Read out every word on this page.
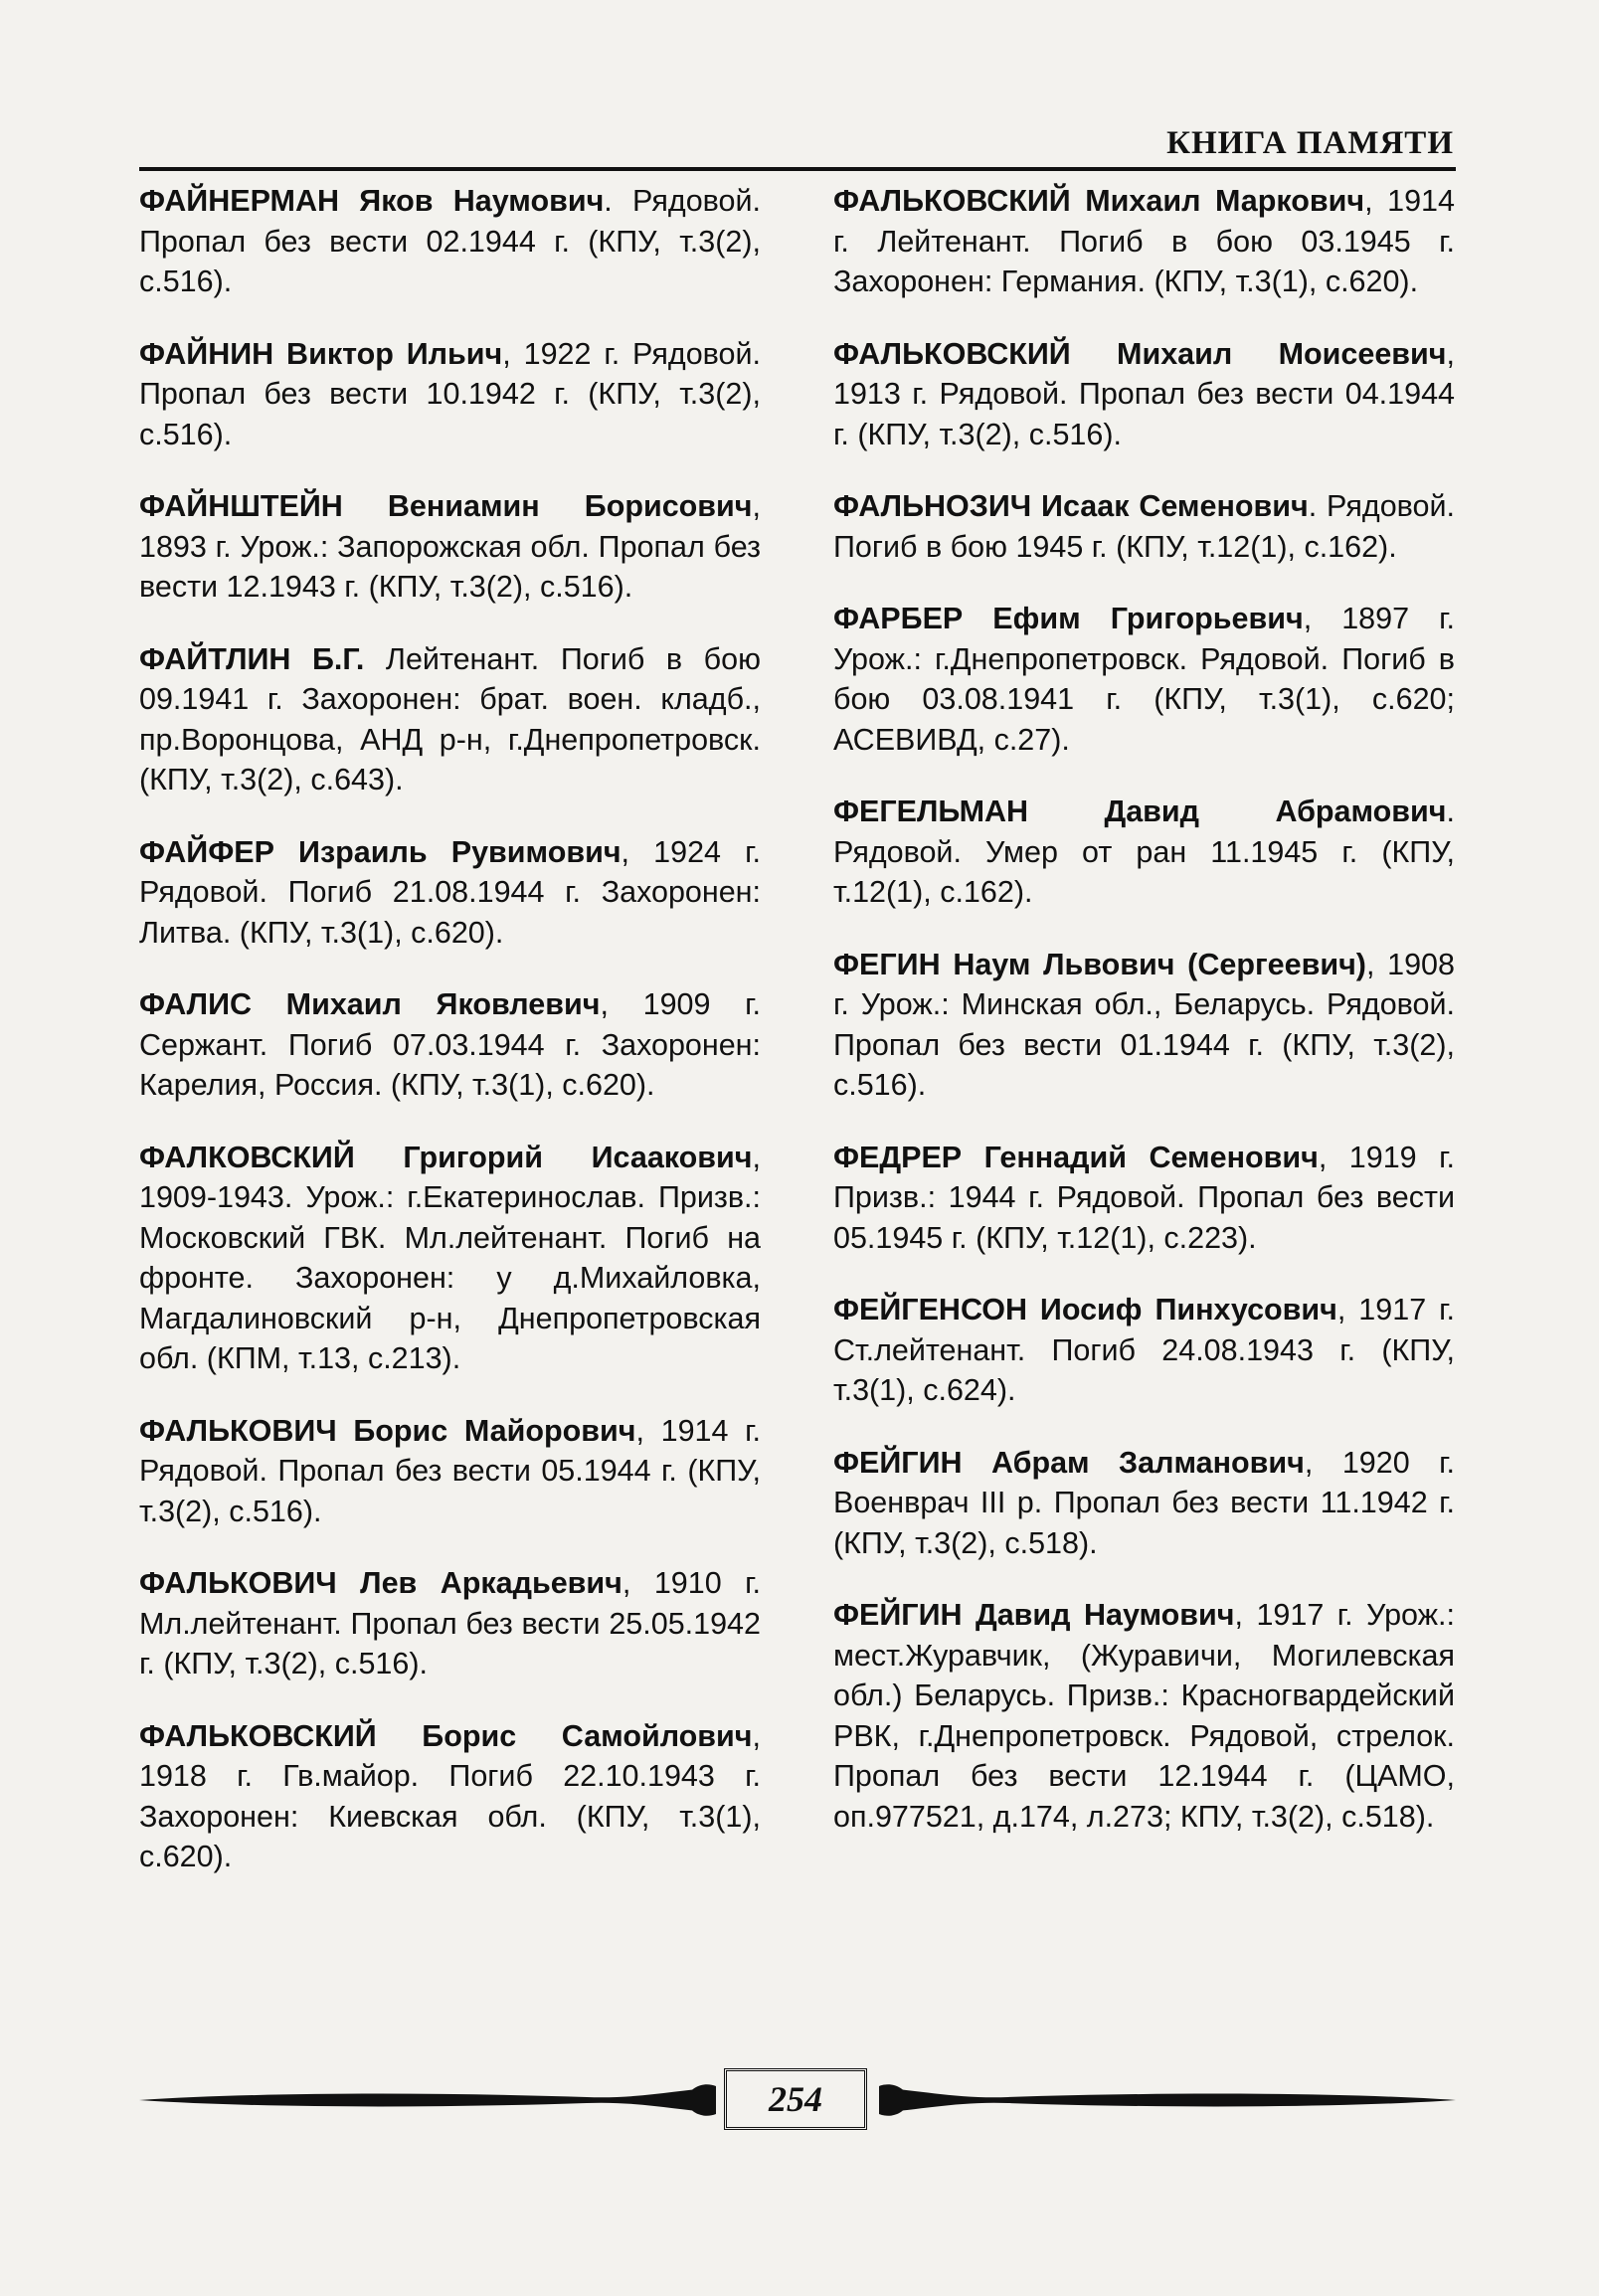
КНИГА ПАМЯТИ
ФАЙНЕРМАН Яков Наумович. Рядовой. Пропал без вести 02.1944 г. (КПУ, т.3(2), с.516).
ФАЙНИН Виктор Ильич, 1922 г. Рядовой. Пропал без вести 10.1942 г. (КПУ, т.3(2), с.516).
ФАЙНШТЕЙН Вениамин Борисович, 1893 г. Урож.: Запорожская обл. Пропал без вести 12.1943 г. (КПУ, т.3(2), с.516).
ФАЙТЛИН Б.Г. Лейтенант. Погиб в бою 09.1941 г. Захоронен: брат. воен. кладб., пр.Воронцова, АНД р-н, г.Днепропетровск. (КПУ, т.3(2), с.643).
ФАЙФЕР Израиль Рувимович, 1924 г. Рядовой. Погиб 21.08.1944 г. Захоронен: Литва. (КПУ, т.3(1), с.620).
ФАЛИС Михаил Яковлевич, 1909 г. Сержант. Погиб 07.03.1944 г. Захоронен: Карелия, Россия. (КПУ, т.3(1), с.620).
ФАЛКОВСКИЙ Григорий Исаакович, 1909-1943. Урож.: г.Екатеринослав. Призв.: Московский ГВК. Мл.лейтенант. Погиб на фронте. Захоронен: у д.Михайловка, Магдалиновский р-н, Днепропетровская обл. (КПМ, т.13, с.213).
ФАЛЬКОВИЧ Борис Майорович, 1914 г. Рядовой. Пропал без вести 05.1944 г. (КПУ, т.3(2), с.516).
ФАЛЬКОВИЧ Лев Аркадьевич, 1910 г. Мл.лейтенант. Пропал без вести 25.05.1942 г. (КПУ, т.3(2), с.516).
ФАЛЬКОВСКИЙ Борис Самойлович, 1918 г. Гв.майор. Погиб 22.10.1943 г. Захоронен: Киевская обл. (КПУ, т.3(1), с.620).
ФАЛЬКОВСКИЙ Михаил Маркович, 1914 г. Лейтенант. Погиб в бою 03.1945 г. Захоронен: Германия. (КПУ, т.3(1), с.620).
ФАЛЬКОВСКИЙ Михаил Моисеевич, 1913 г. Рядовой. Пропал без вести 04.1944 г. (КПУ, т.3(2), с.516).
ФАЛЬНОЗИЧ Исаак Семенович. Рядовой. Погиб в бою 1945 г. (КПУ, т.12(1), с.162).
ФАРБЕР Ефим Григорьевич, 1897 г. Урож.: г.Днепропетровск. Рядовой. Погиб в бою 03.08.1941 г. (КПУ, т.3(1), с.620; АСЕВИВД, с.27).
ФЕГЕЛЬМАН Давид Абрамович. Рядовой. Умер от ран 11.1945 г. (КПУ, т.12(1), с.162).
ФЕГИН Наум Львович (Сергеевич), 1908 г. Урож.: Минская обл., Беларусь. Рядовой. Пропал без вести 01.1944 г. (КПУ, т.3(2), с.516).
ФЕДРЕР Геннадий Семенович, 1919 г. Призв.: 1944 г. Рядовой. Пропал без вести 05.1945 г. (КПУ, т.12(1), с.223).
ФЕЙГЕНСОН Иосиф Пинхусович, 1917 г. Ст.лейтенант. Погиб 24.08.1943 г. (КПУ, т.3(1), с.624).
ФЕЙГИН Абрам Залманович, 1920 г. Военврач III р. Пропал без вести 11.1942 г. (КПУ, т.3(2), с.518).
ФЕЙГИН Давид Наумович, 1917 г. Урож.: мест.Журавчик, (Журавичи, Могилевская обл.) Беларусь. Призв.: Красногвардейский РВК, г.Днепропетровск. Рядовой, стрелок. Пропал без вести 12.1944 г. (ЦАМО, оп.977521, д.174, л.273; КПУ, т.3(2), с.518).
254
